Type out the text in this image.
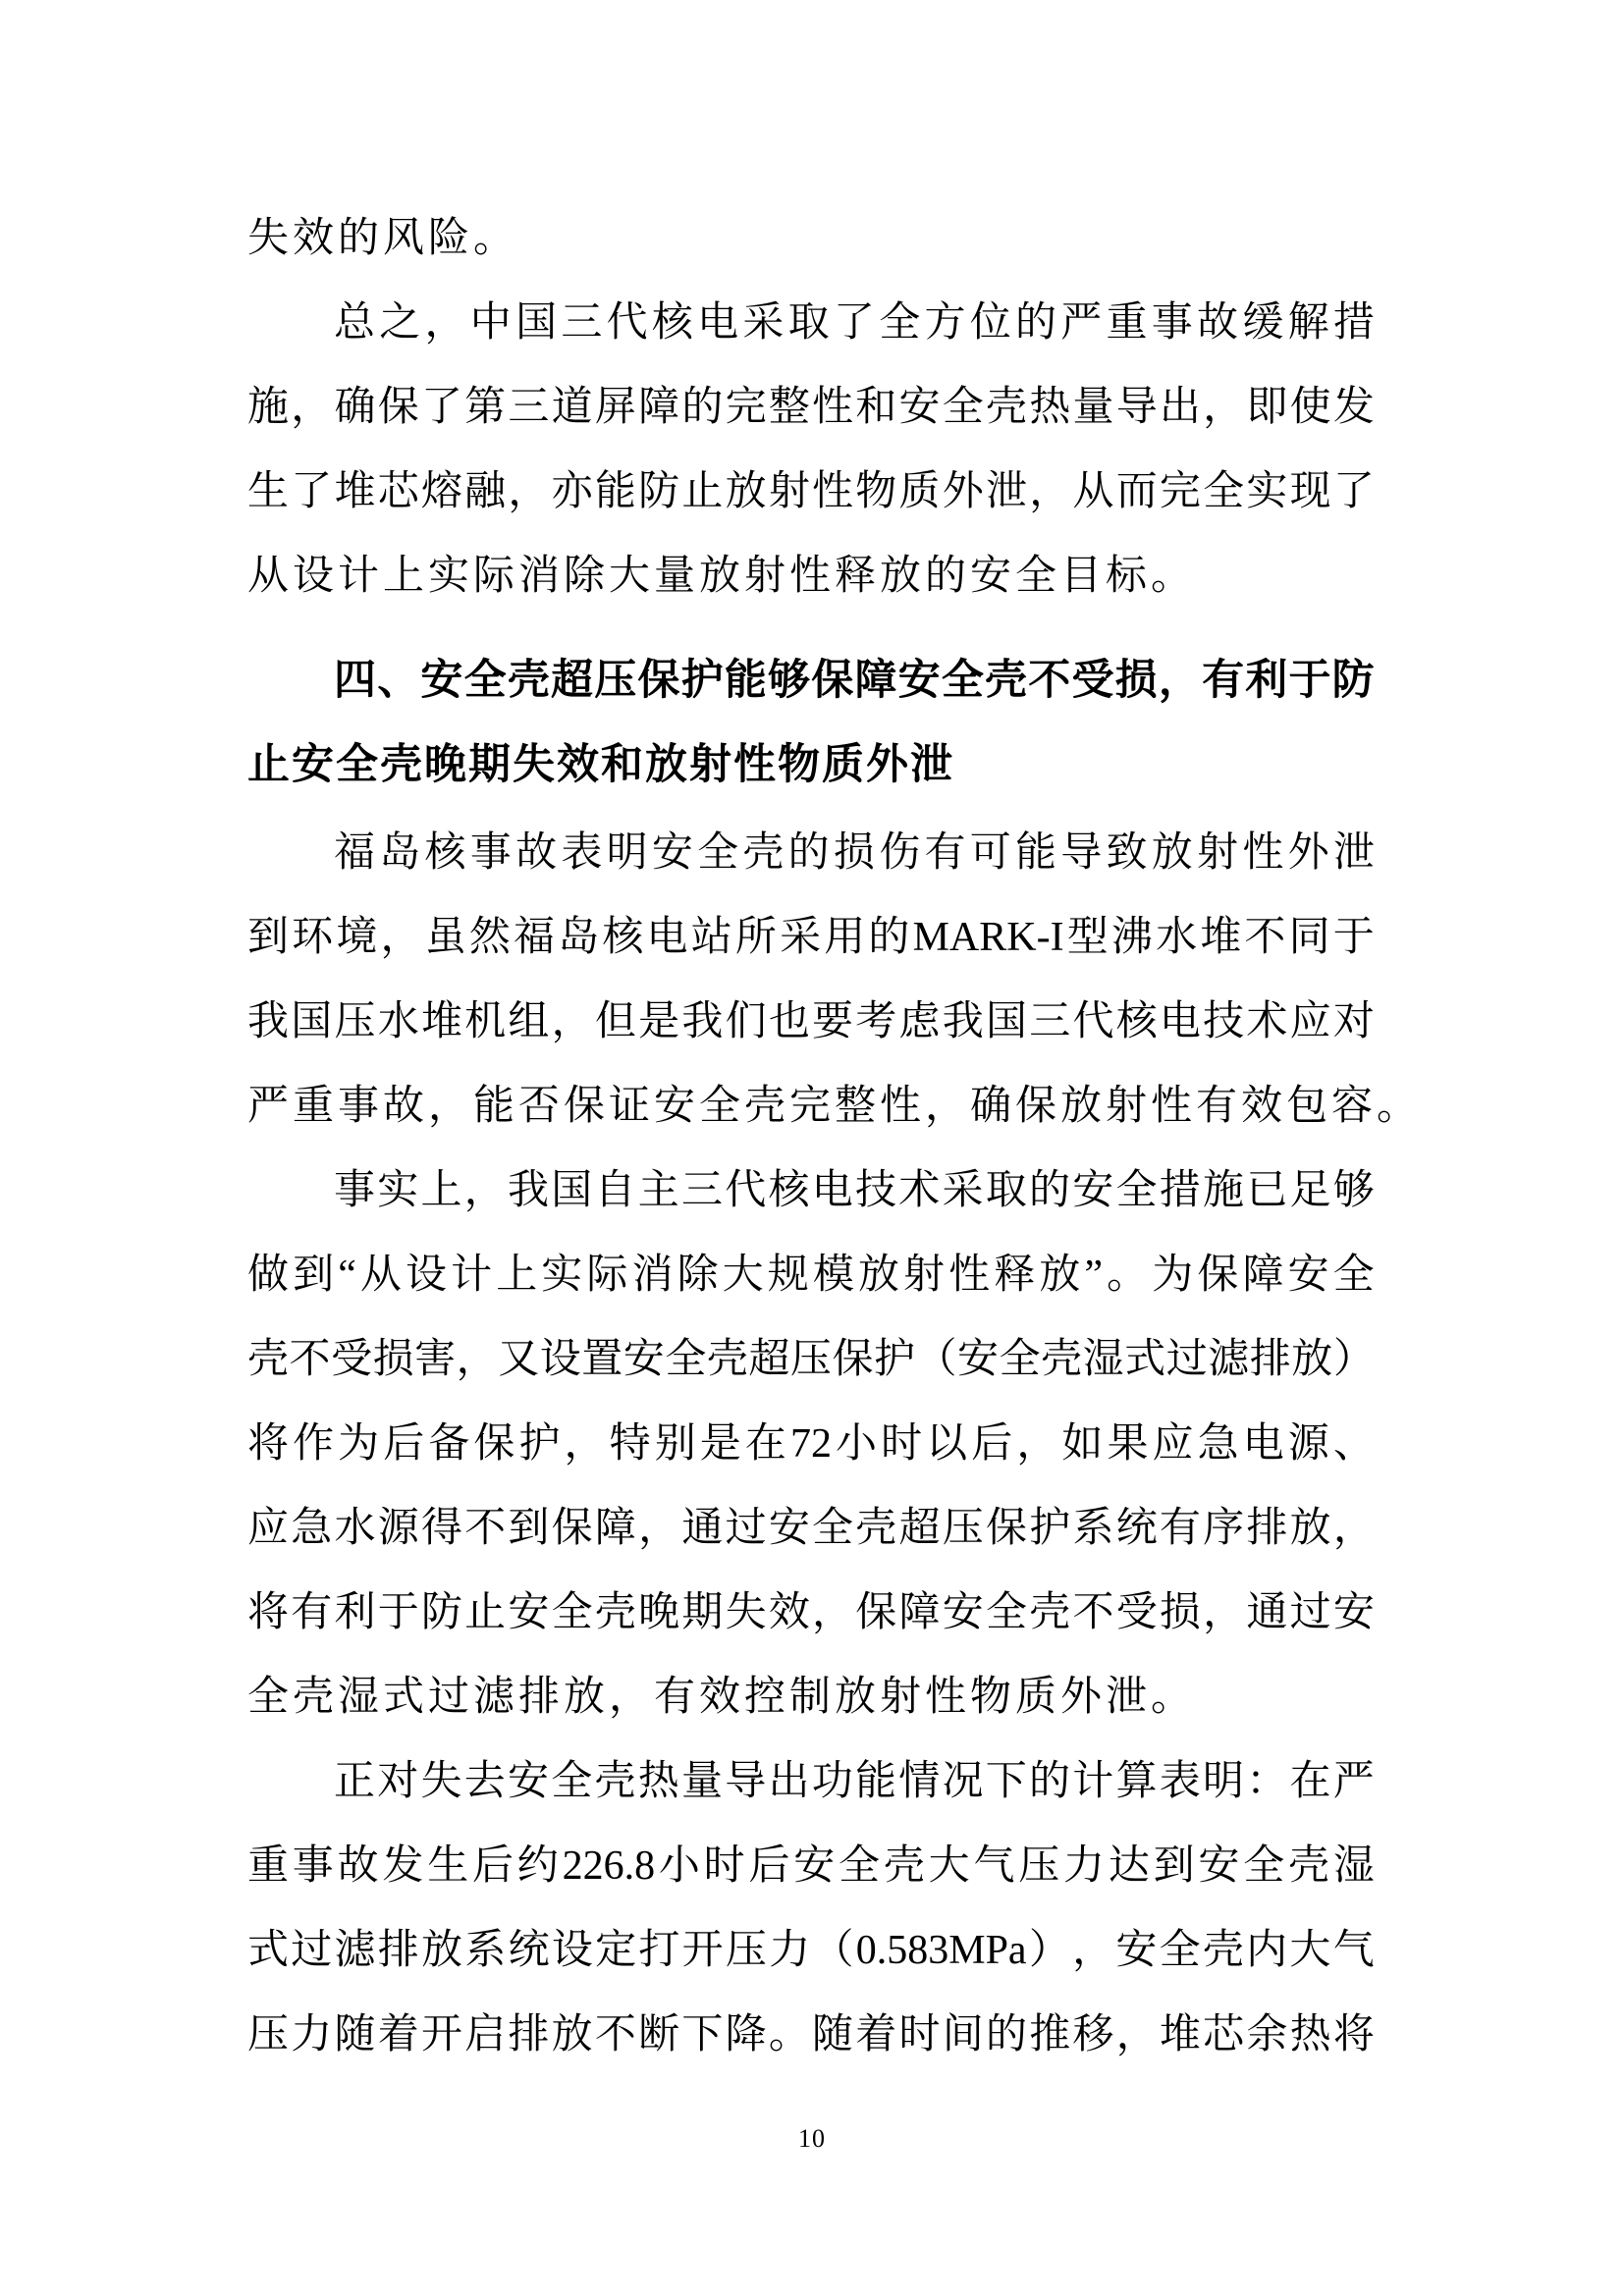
失效的风险。
总 之 ， 中 国 三 代 核 电 采 取 了 全 方 位 的 严 重 事 故 缓 解 措
施 ， 确 保 了 第 三 道 屏 障 的 完 整 性 和 安 全 壳 热 量 导 出 ， 即 使 发
生 了 堆 芯 熔 融 ， 亦 能 防 止 放 射 性 物 质 外 泄 ， 从 而 完 全 实 现 了
从设计上实际消除大量放射性释放的安全目标。
四 、 安 全 壳 超 压 保 护 能 够 保 障 安 全 壳 不 受 损 ， 有 利 于 防
止安全壳晚期失效和放射性物质外泄
福 岛 核 事 故 表 明 安 全 壳 的 损 伤 有 可 能 导 致 放 射 性 外 泄
到 环 境 ， 虽 然 福 岛 核 电 站 所 采 用 的 MARK-I 型 沸 水 堆 不 同 于
我 国 压 水 堆 机 组 ， 但 是 我 们 也 要 考 虑 我 国 三 代 核 电 技 术 应 对
严重事故，能否保证安全壳完整性，确保放射性有效包容。
事 实 上 ， 我 国 自 主 三 代 核 电 技 术 采 取 的 安 全 措 施 已 足 够
做 到 “ 从 设 计 上 实 际 消 除 大 规 模 放 射 性 释 放 ” 。 为 保 障 安 全
壳 不 受 损 害 ， 又 设 置 安 全 壳 超 压 保 护 （ 安 全 壳 湿 式 过 滤 排 放 ）
将 作 为 后 备 保 护 ， 特 别 是 在 72 小 时 以 后 ， 如 果 应 急 电 源 、
应 急 水 源 得 不 到 保 障 ， 通 过 安 全 壳 超 压 保 护 系 统 有 序 排 放 ，
将 有 利 于 防 止 安 全 壳 晚 期 失 效 ， 保 障 安 全 壳 不 受 损 ， 通 过 安
全壳湿式过滤排放，有效控制放射性物质外泄。
正 对 失 去 安 全 壳 热 量 导 出 功 能 情 况 下 的 计 算 表 明 ： 在 严
重 事 故 发 生 后 约 226.8 小 时 后 安 全 壳 大 气 压 力 达 到 安 全 壳 湿
式 过 滤 排 放 系 统 设 定 打 开 压 力 （ 0.583MPa ） ， 安 全 壳 内 大 气
压 力 随 着 开 启 排 放 不 断 下 降 。 随 着 时 间 的 推 移 ， 堆 芯 余 热 将
10
